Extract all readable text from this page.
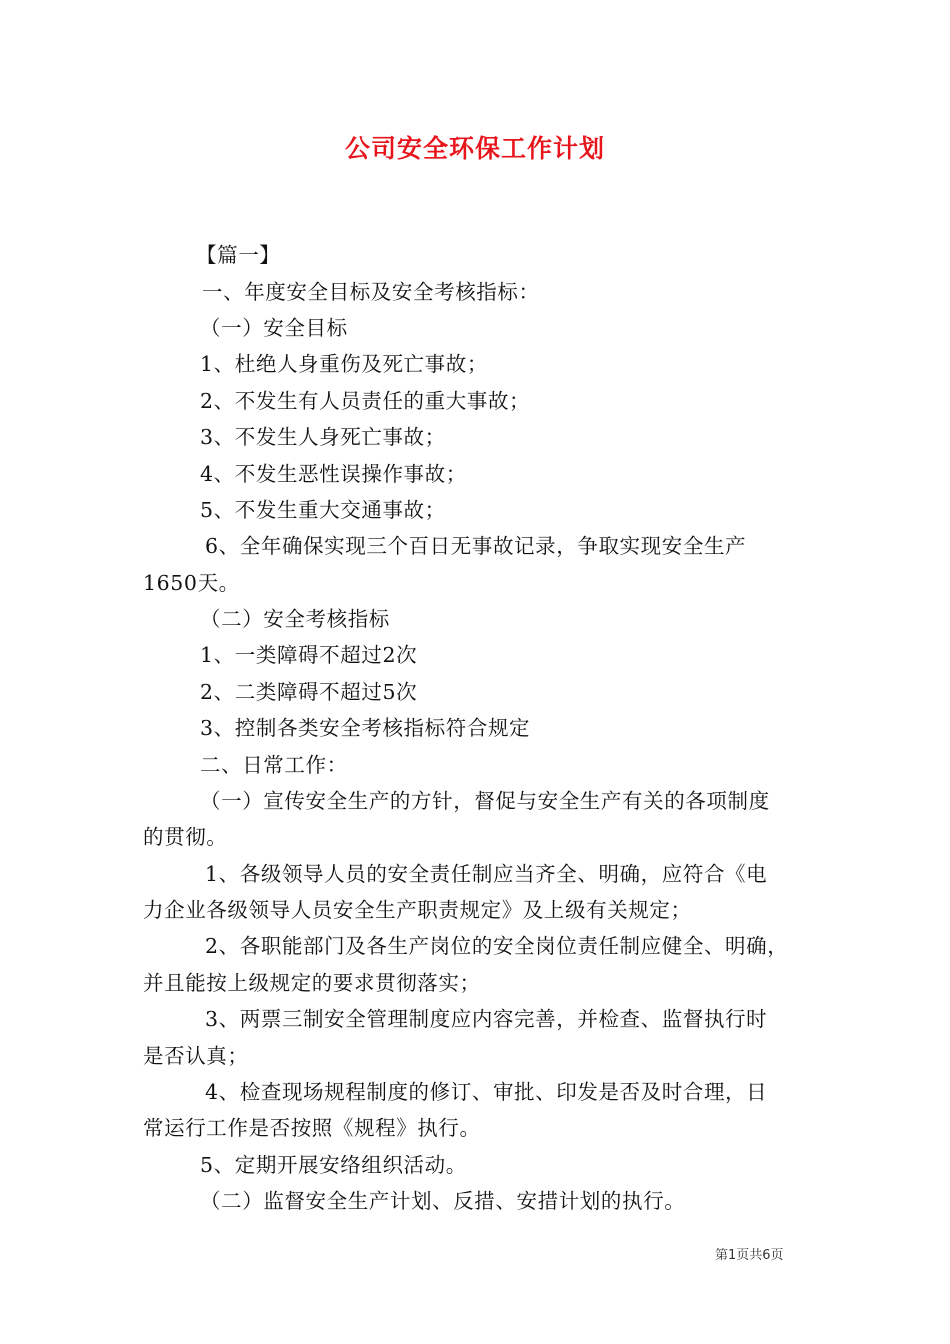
公司安全环保工作计划
【篇一】
一、年度安全目标及安全考核指标：
（一）安全目标
1、杜绝人身重伤及死亡事故；
2、不发生有人员责任的重大事故；
3、不发生人身死亡事故；
4、不发生恶性误操作事故；
5、不发生重大交通事故；
6、全年确保实现三个百日无事故记录，争取实现安全生产
1650天。
（二）安全考核指标
1、一类障碍不超过2次
2、二类障碍不超过5次
3、控制各类安全考核指标符合规定
二、日常工作：
（一）宣传安全生产的方针，督促与安全生产有关的各项制度
的贯彻。
1、各级领导人员的安全责任制应当齐全、明确，应符合《电
力企业各级领导人员安全生产职责规定》及上级有关规定；
2、各职能部门及各生产岗位的安全岗位责任制应健全、明确，
并且能按上级规定的要求贯彻落实；
3、两票三制安全管理制度应内容完善，并检查、监督执行时
是否认真；
4、检查现场规程制度的修订、审批、印发是否及时合理，日
常运行工作是否按照《规程》执行。
5、定期开展安络组织活动。
（二）监督安全生产计划、反措、安措计划的执行。
第1页共6页
